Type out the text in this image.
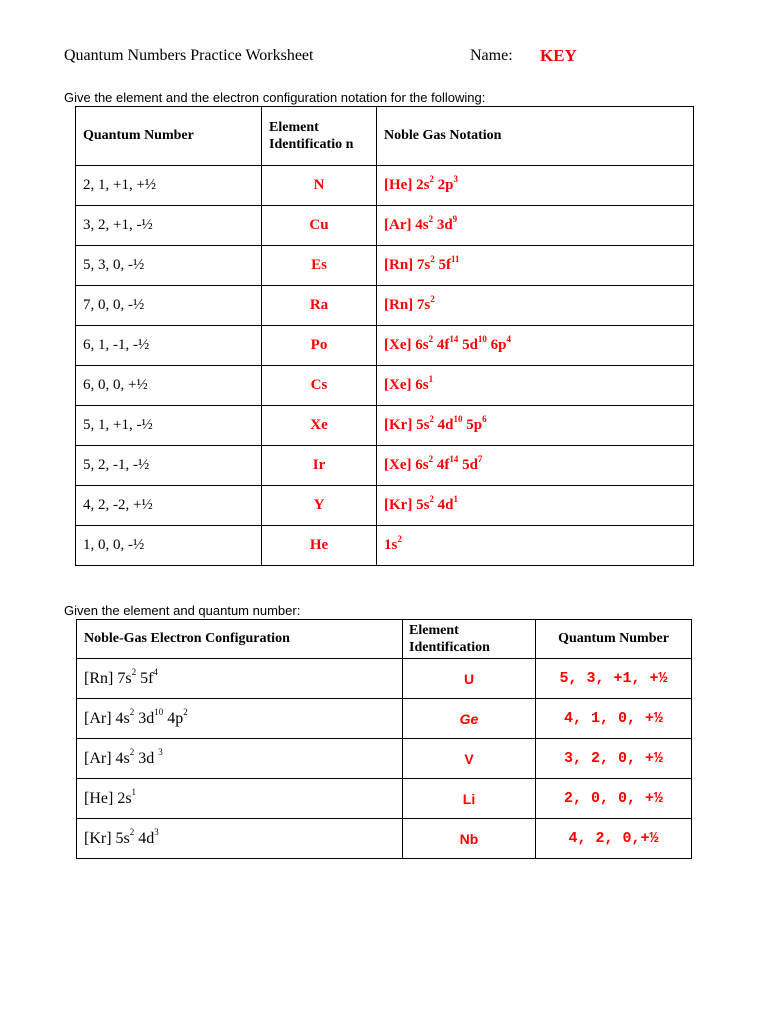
Quantum Numbers Practice Worksheet	Name: KEY
Give the element and the electron configuration notation for the following:
Quantum Number	Element Identificatio n	Noble Gas Notation
2, 1, +1, +½	N	[He] $2s^2$ $2p^3$
3, 2, +1, -½	Cu	[Ar] $4s^2$ $3d^9$
5, 3, 0, -½	Es	[Rn] $7s^2$ $5f^{11}$
7, 0, 0, -½	Ra	[Rn] $7s^2$
6, 1, -1, -½	Po	[Xe] $6s^2$ $4f^{14}$ $5d^{10}$ $6p^4$
6, 0, 0, +½	Cs	[Xe] $6s^1$
5, 1, +1, -½	Xe	[Kr] $5s^2$ $4d^{10}$ $5p^6$
5, 2, -1, -½	Ir	[Xe] $6s^2$ $4f^{14}$ $5d^7$
4, 2, -2, +½	Y	[Kr] $5s^2$ $4d^1$
1, 0, 0, -½	He	$1s^2$
Given the element and quantum number:
Noble-Gas Electron Configuration	Element Identification	Quantum Number
[Rn] $7s^2$ $5f^4$	U	5, 3, +1, +½
[Ar] $4s^2$ $3d^{10}$ $4p^2$	Ge	4, 1, 0, +½
[Ar] $4s^2$ 3d $^3$	V	3, 2, 0, +½
[He] $2s^1$	Li	2, 0, 0, +½
[Kr] $5s^2$ $4d^3$	Nb	4, 2, 0,+½
